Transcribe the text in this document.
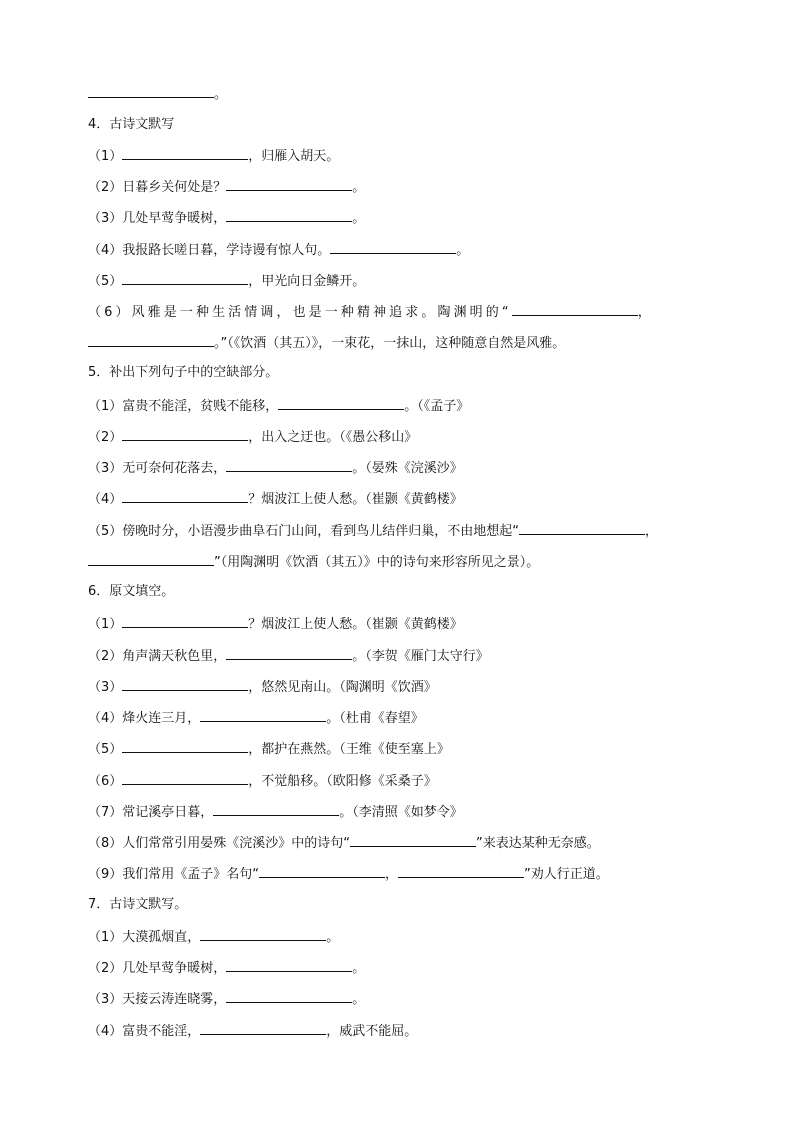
。
4．古诗文默写
（1）	，归雁入胡天。
（2）日暮乡关何处是？	。
（3）几处早莺争暖树，	。
（4）我报路长嗟日暮，学诗谩有惊人句。	。
（5）	，甲光向日金鳞开。
（6）风雅是一种生活情调，也是一种精神追求。陶渊明的“	，
。”（《饮酒（其五）》，一束花，一抹山，这种随意自然是风雅。
5．补出下列句子中的空缺部分。
（1）富贵不能淫，贫贱不能移，	。（《孟子》
（2）	，出入之迂也。（《愚公移山》
（3）无可奈何花落去，	。（晏殊《浣溪沙》
（4）	？烟波江上使人愁。（崔颢《黄鹤楼》
（5）傍晚时分，小语漫步曲阜石门山间，看到鸟儿结伴归巢，不由地想起“	，
”（用陶渊明《饮酒（其五）》中的诗句来形容所见之景）。
6．原文填空。
（1）	？烟波江上使人愁。（崔颢《黄鹤楼》
（2）角声满天秋色里，	。（李贺《雁门太守行》
（3）	，悠然见南山。（陶渊明《饮酒》
（4）烽火连三月，	。（杜甫《春望》
（5）	，都护在燕然。（王维《使至塞上》
（6）	，不觉船移。（欧阳修《采桑子》
（7）常记溪亭日暮，	。（李清照《如梦令》
（8）人们常常引用晏殊《浣溪沙》中的诗句“	”来表达某种无奈感。
（9）我们常用《孟子》名句“	，	”劝人行正道。
7．古诗文默写。
（1）大漠孤烟直，	。
（2）几处早莺争暖树，	。
（3）天接云涛连晓雾，	。
（4）富贵不能淫，	，威武不能屈。
